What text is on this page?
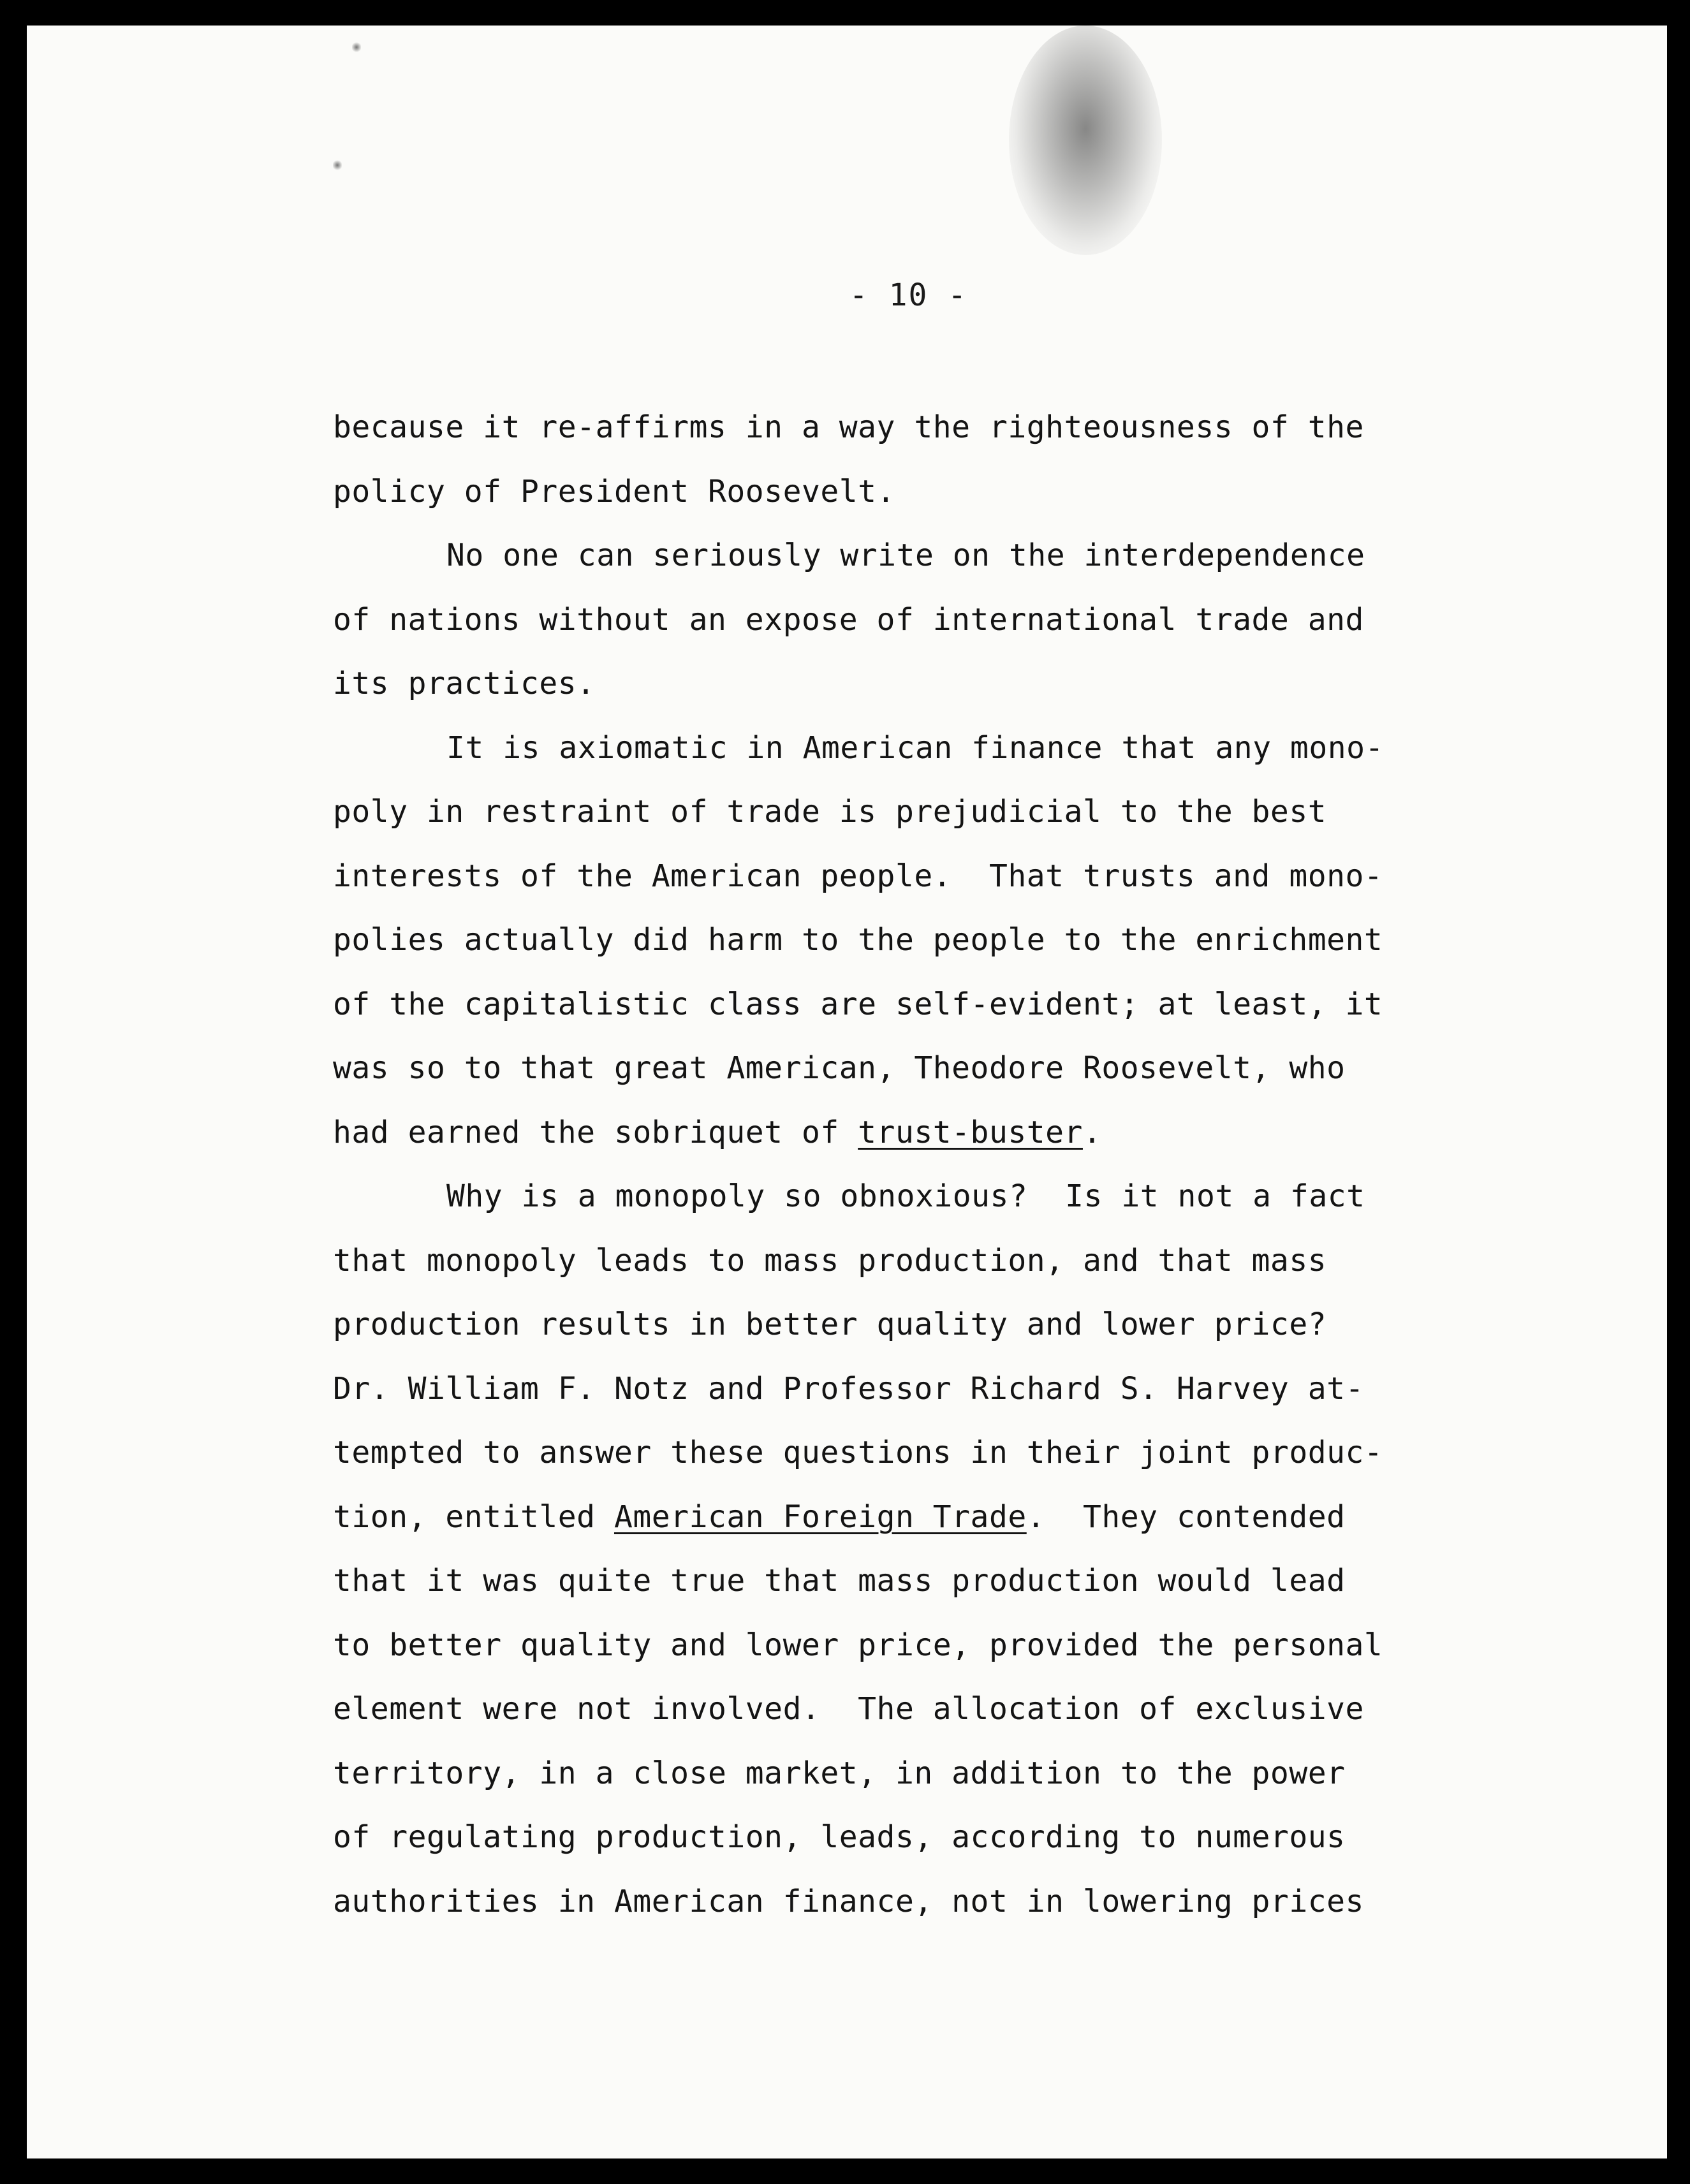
- 10 -
because it re-affirms in a way the righteousness of the
policy of President Roosevelt.
No one can seriously write on the interdependence
of nations without an expose of international trade and
its practices.
It is axiomatic in American finance that any mono-
poly in restraint of trade is prejudicial to the best
interests of the American people.  That trusts and mono-
polies actually did harm to the people to the enrichment
of the capitalistic class are self-evident; at least, it
was so to that great American, Theodore Roosevelt, who
had earned the sobriquet of trust-buster.
Why is a monopoly so obnoxious?  Is it not a fact
that monopoly leads to mass production, and that mass
production results in better quality and lower price?
Dr. William F. Notz and Professor Richard S. Harvey at-
tempted to answer these questions in their joint produc-
tion, entitled American Foreign Trade.  They contended
that it was quite true that mass production would lead
to better quality and lower price, provided the personal
element were not involved.  The allocation of exclusive
territory, in a close market, in addition to the power
of regulating production, leads, according to numerous
authorities in American finance, not in lowering prices
